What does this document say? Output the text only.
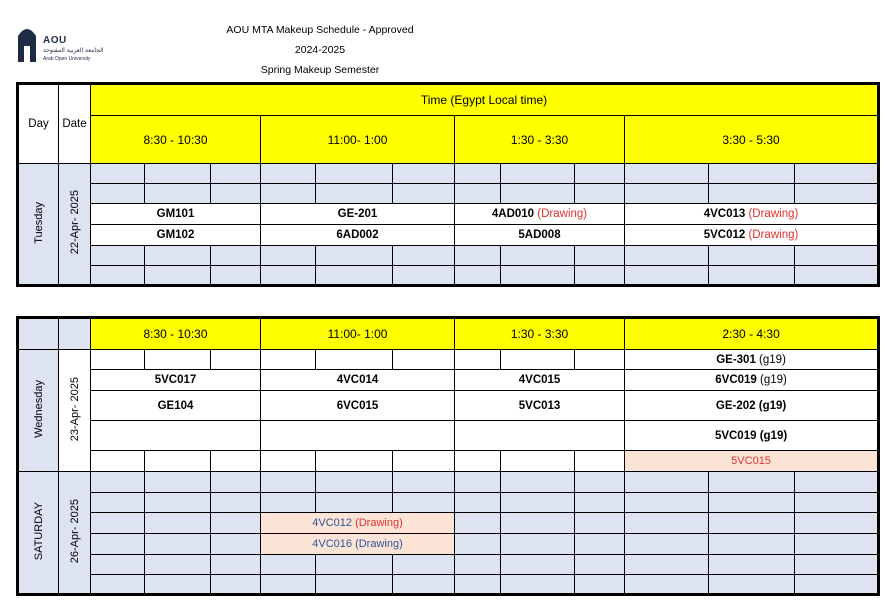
AOU
الجامعة العربية المفتوحة
Arab Open University
AOU MTA Makeup Schedule - Approved
2024-2025
Spring Makeup Semester
Day	Date	Time (Egypt Local time)											
		8:30 - 10:30			11:00- 1:00			1:30 - 3:30			3:30 - 5:30		
Tuesday	22-Apr- 2025												

		GM101			GE-201			4AD010 (Drawing)			4VC013 (Drawing)		
		GM102			6AD002			5AD008			5VC012 (Drawing)		

		8:30 - 10:30			11:00- 1:00			1:30 - 3:30			2:30 - 4:30		
Wednesday	23-Apr- 2025										GE-301 (g19)		
		5VC017			4VC014			4VC015			6VC019 (g19)		
		GE104			6VC015			5VC013			GE-202 (g19)		
											5VC019 (g19)		
											5VC015		
SATURDAY	26-Apr- 2025												

					4VC012 (Drawing)								
					4VC016 (Drawing)								
